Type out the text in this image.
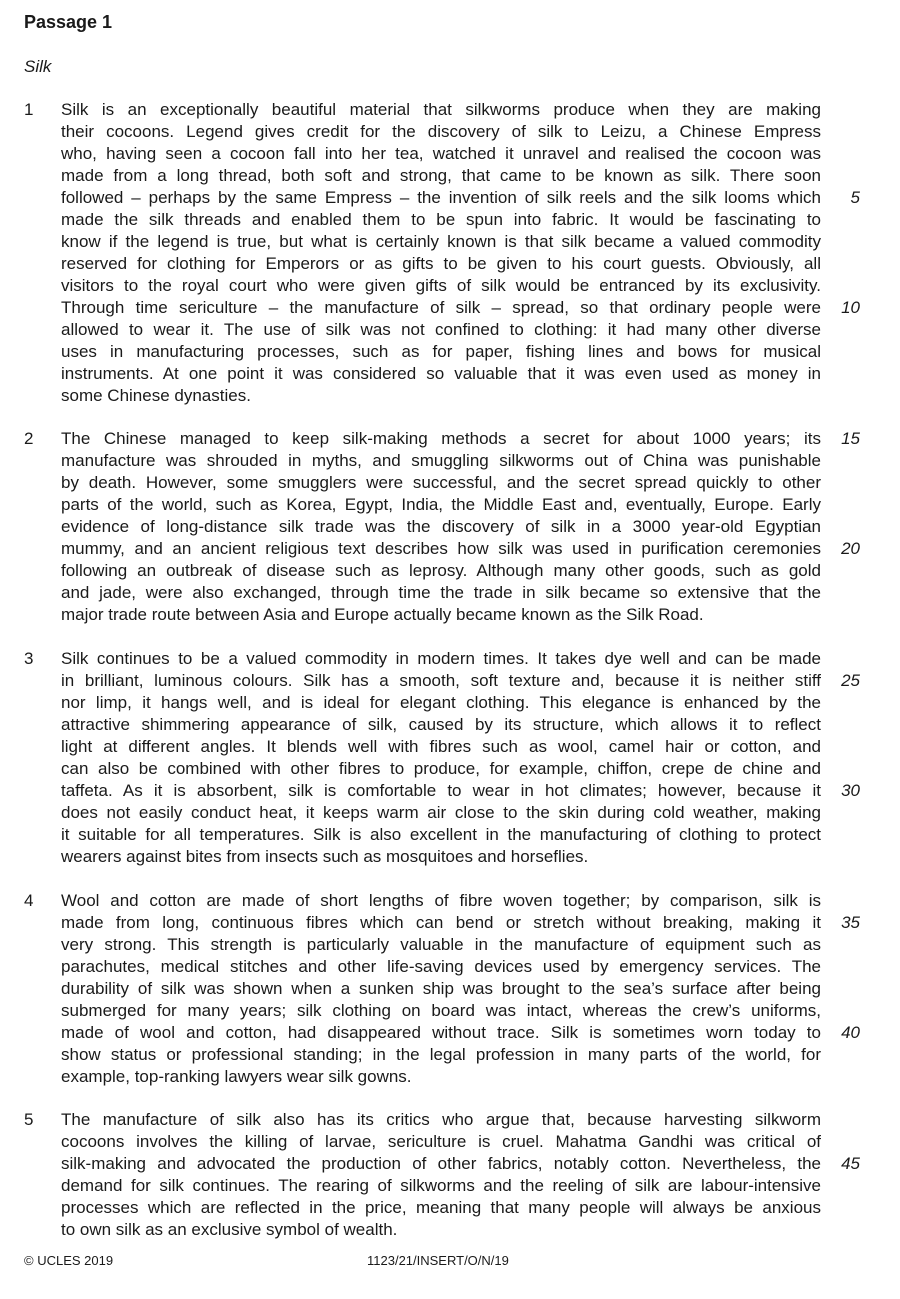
Passage 1
Silk
1 Silk is an exceptionally beautiful material that silkworms produce when they are making
their cocoons. Legend gives credit for the discovery of silk to Leizu, a Chinese Empress
who, having seen a cocoon fall into her tea, watched it unravel and realised the cocoon was
made from a long thread, both soft and strong, that came to be known as silk. There soon
followed – perhaps by the same Empress – the invention of silk reels and the silk looms which	5
made the silk threads and enabled them to be spun into fabric. It would be fascinating to
know if the legend is true, but what is certainly known is that silk became a valued commodity
reserved for clothing for Emperors or as gifts to be given to his court guests. Obviously, all
visitors to the royal court who were given gifts of silk would be entranced by its exclusivity.
Through time sericulture – the manufacture of silk – spread, so that ordinary people were	10
allowed to wear it. The use of silk was not confined to clothing: it had many other diverse
uses in manufacturing processes, such as for paper, fishing lines and bows for musical
instruments. At one point it was considered so valuable that it was even used as money in
some Chinese dynasties.
2 The Chinese managed to keep silk-making methods a secret for about 1000 years; its	15
manufacture was shrouded in myths, and smuggling silkworms out of China was punishable
by death. However, some smugglers were successful, and the secret spread quickly to other
parts of the world, such as Korea, Egypt, India, the Middle East and, eventually, Europe. Early
evidence of long-distance silk trade was the discovery of silk in a 3000 year-old Egyptian
mummy, and an ancient religious text describes how silk was used in purification ceremonies	20
following an outbreak of disease such as leprosy. Although many other goods, such as gold
and jade, were also exchanged, through time the trade in silk became so extensive that the
major trade route between Asia and Europe actually became known as the Silk Road.
3 Silk continues to be a valued commodity in modern times. It takes dye well and can be made
in brilliant, luminous colours. Silk has a smooth, soft texture and, because it is neither stiff	25
nor limp, it hangs well, and is ideal for elegant clothing. This elegance is enhanced by the
attractive shimmering appearance of silk, caused by its structure, which allows it to reflect
light at different angles. It blends well with fibres such as wool, camel hair or cotton, and
can also be combined with other fibres to produce, for example, chiffon, crepe de chine and
taffeta. As it is absorbent, silk is comfortable to wear in hot climates; however, because it	30
does not easily conduct heat, it keeps warm air close to the skin during cold weather, making
it suitable for all temperatures. Silk is also excellent in the manufacturing of clothing to protect
wearers against bites from insects such as mosquitoes and horseflies.
4 Wool and cotton are made of short lengths of fibre woven together; by comparison, silk is
made from long, continuous fibres which can bend or stretch without breaking, making it	35
very strong. This strength is particularly valuable in the manufacture of equipment such as
parachutes, medical stitches and other life-saving devices used by emergency services. The
durability of silk was shown when a sunken ship was brought to the sea’s surface after being
submerged for many years; silk clothing on board was intact, whereas the crew’s uniforms,
made of wool and cotton, had disappeared without trace. Silk is sometimes worn today to	40
show status or professional standing; in the legal profession in many parts of the world, for
example, top-ranking lawyers wear silk gowns.
5 The manufacture of silk also has its critics who argue that, because harvesting silkworm
cocoons involves the killing of larvae, sericulture is cruel. Mahatma Gandhi was critical of
silk-making and advocated the production of other fabrics, notably cotton. Nevertheless, the	45
demand for silk continues. The rearing of silkworms and the reeling of silk are labour-intensive
processes which are reflected in the price, meaning that many people will always be anxious
to own silk as an exclusive symbol of wealth.
© UCLES 2019	1123/21/INSERT/O/N/19
